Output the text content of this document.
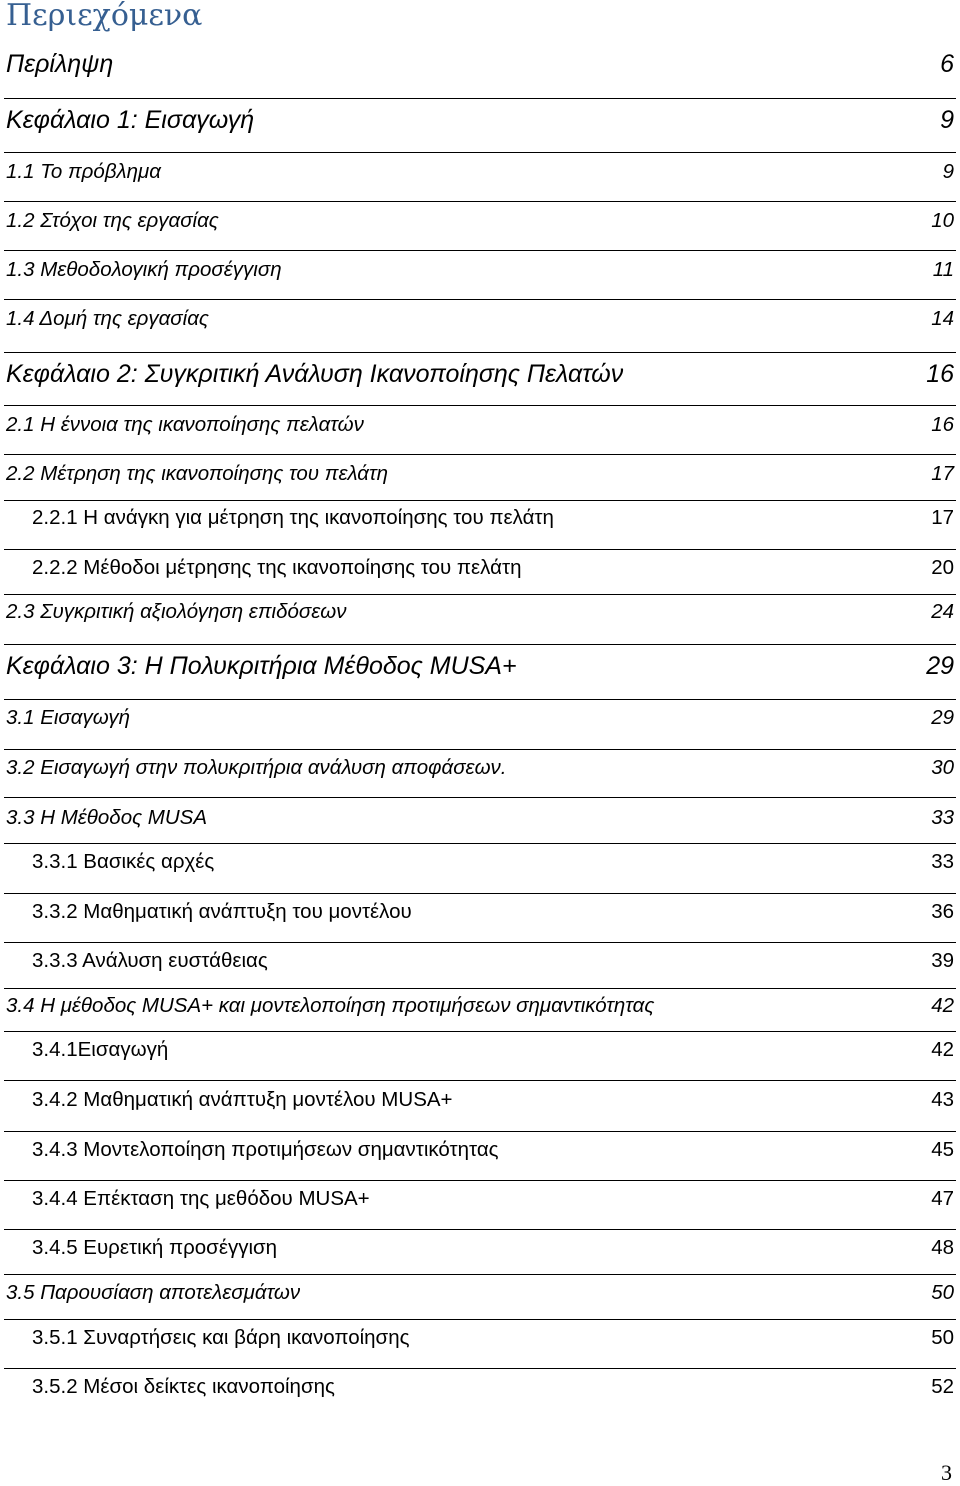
Περιεχόμενα
Περίληψη	6
Κεφάλαιο 1: Εισαγωγή	9
1.1 Το πρόβλημα	9
1.2 Στόχοι της εργασίας	10
1.3 Μεθοδολογική προσέγγιση	11
1.4 Δομή της εργασίας	14
Κεφάλαιο 2: Συγκριτική Ανάλυση Ικανοποίησης Πελατών	16
2.1 Η έννοια της ικανοποίησης πελατών	16
2.2 Μέτρηση της ικανοποίησης του πελάτη	17
2.2.1 Η ανάγκη για μέτρηση της ικανοποίησης του πελάτη	17
2.2.2 Μέθοδοι μέτρησης της ικανοποίησης του πελάτη	20
2.3 Συγκριτική αξιολόγηση επιδόσεων	24
Κεφάλαιο 3: Η Πολυκριτήρια Μέθοδος MUSA+	29
3.1 Εισαγωγή	29
3.2 Εισαγωγή στην πολυκριτήρια ανάλυση αποφάσεων.	30
3.3 Η Μέθοδος MUSA	33
3.3.1 Βασικές αρχές	33
3.3.2 Μαθηματική ανάπτυξη του μοντέλου	36
3.3.3 Ανάλυση ευστάθειας	39
3.4 Η μέθοδος MUSA+ και μοντελοποίηση προτιμήσεων σημαντικότητας	42
3.4.1Εισαγωγή	42
3.4.2 Μαθηματική ανάπτυξη μοντέλου MUSA+	43
3.4.3 Μοντελοποίηση προτιμήσεων σημαντικότητας	45
3.4.4 Επέκταση της μεθόδου MUSA+	47
3.4.5 Ευρετική προσέγγιση	48
3.5 Παρουσίαση αποτελεσμάτων	50
3.5.1 Συναρτήσεις και βάρη ικανοποίησης	50
3.5.2 Μέσοι δείκτες ικανοποίησης	52
3
